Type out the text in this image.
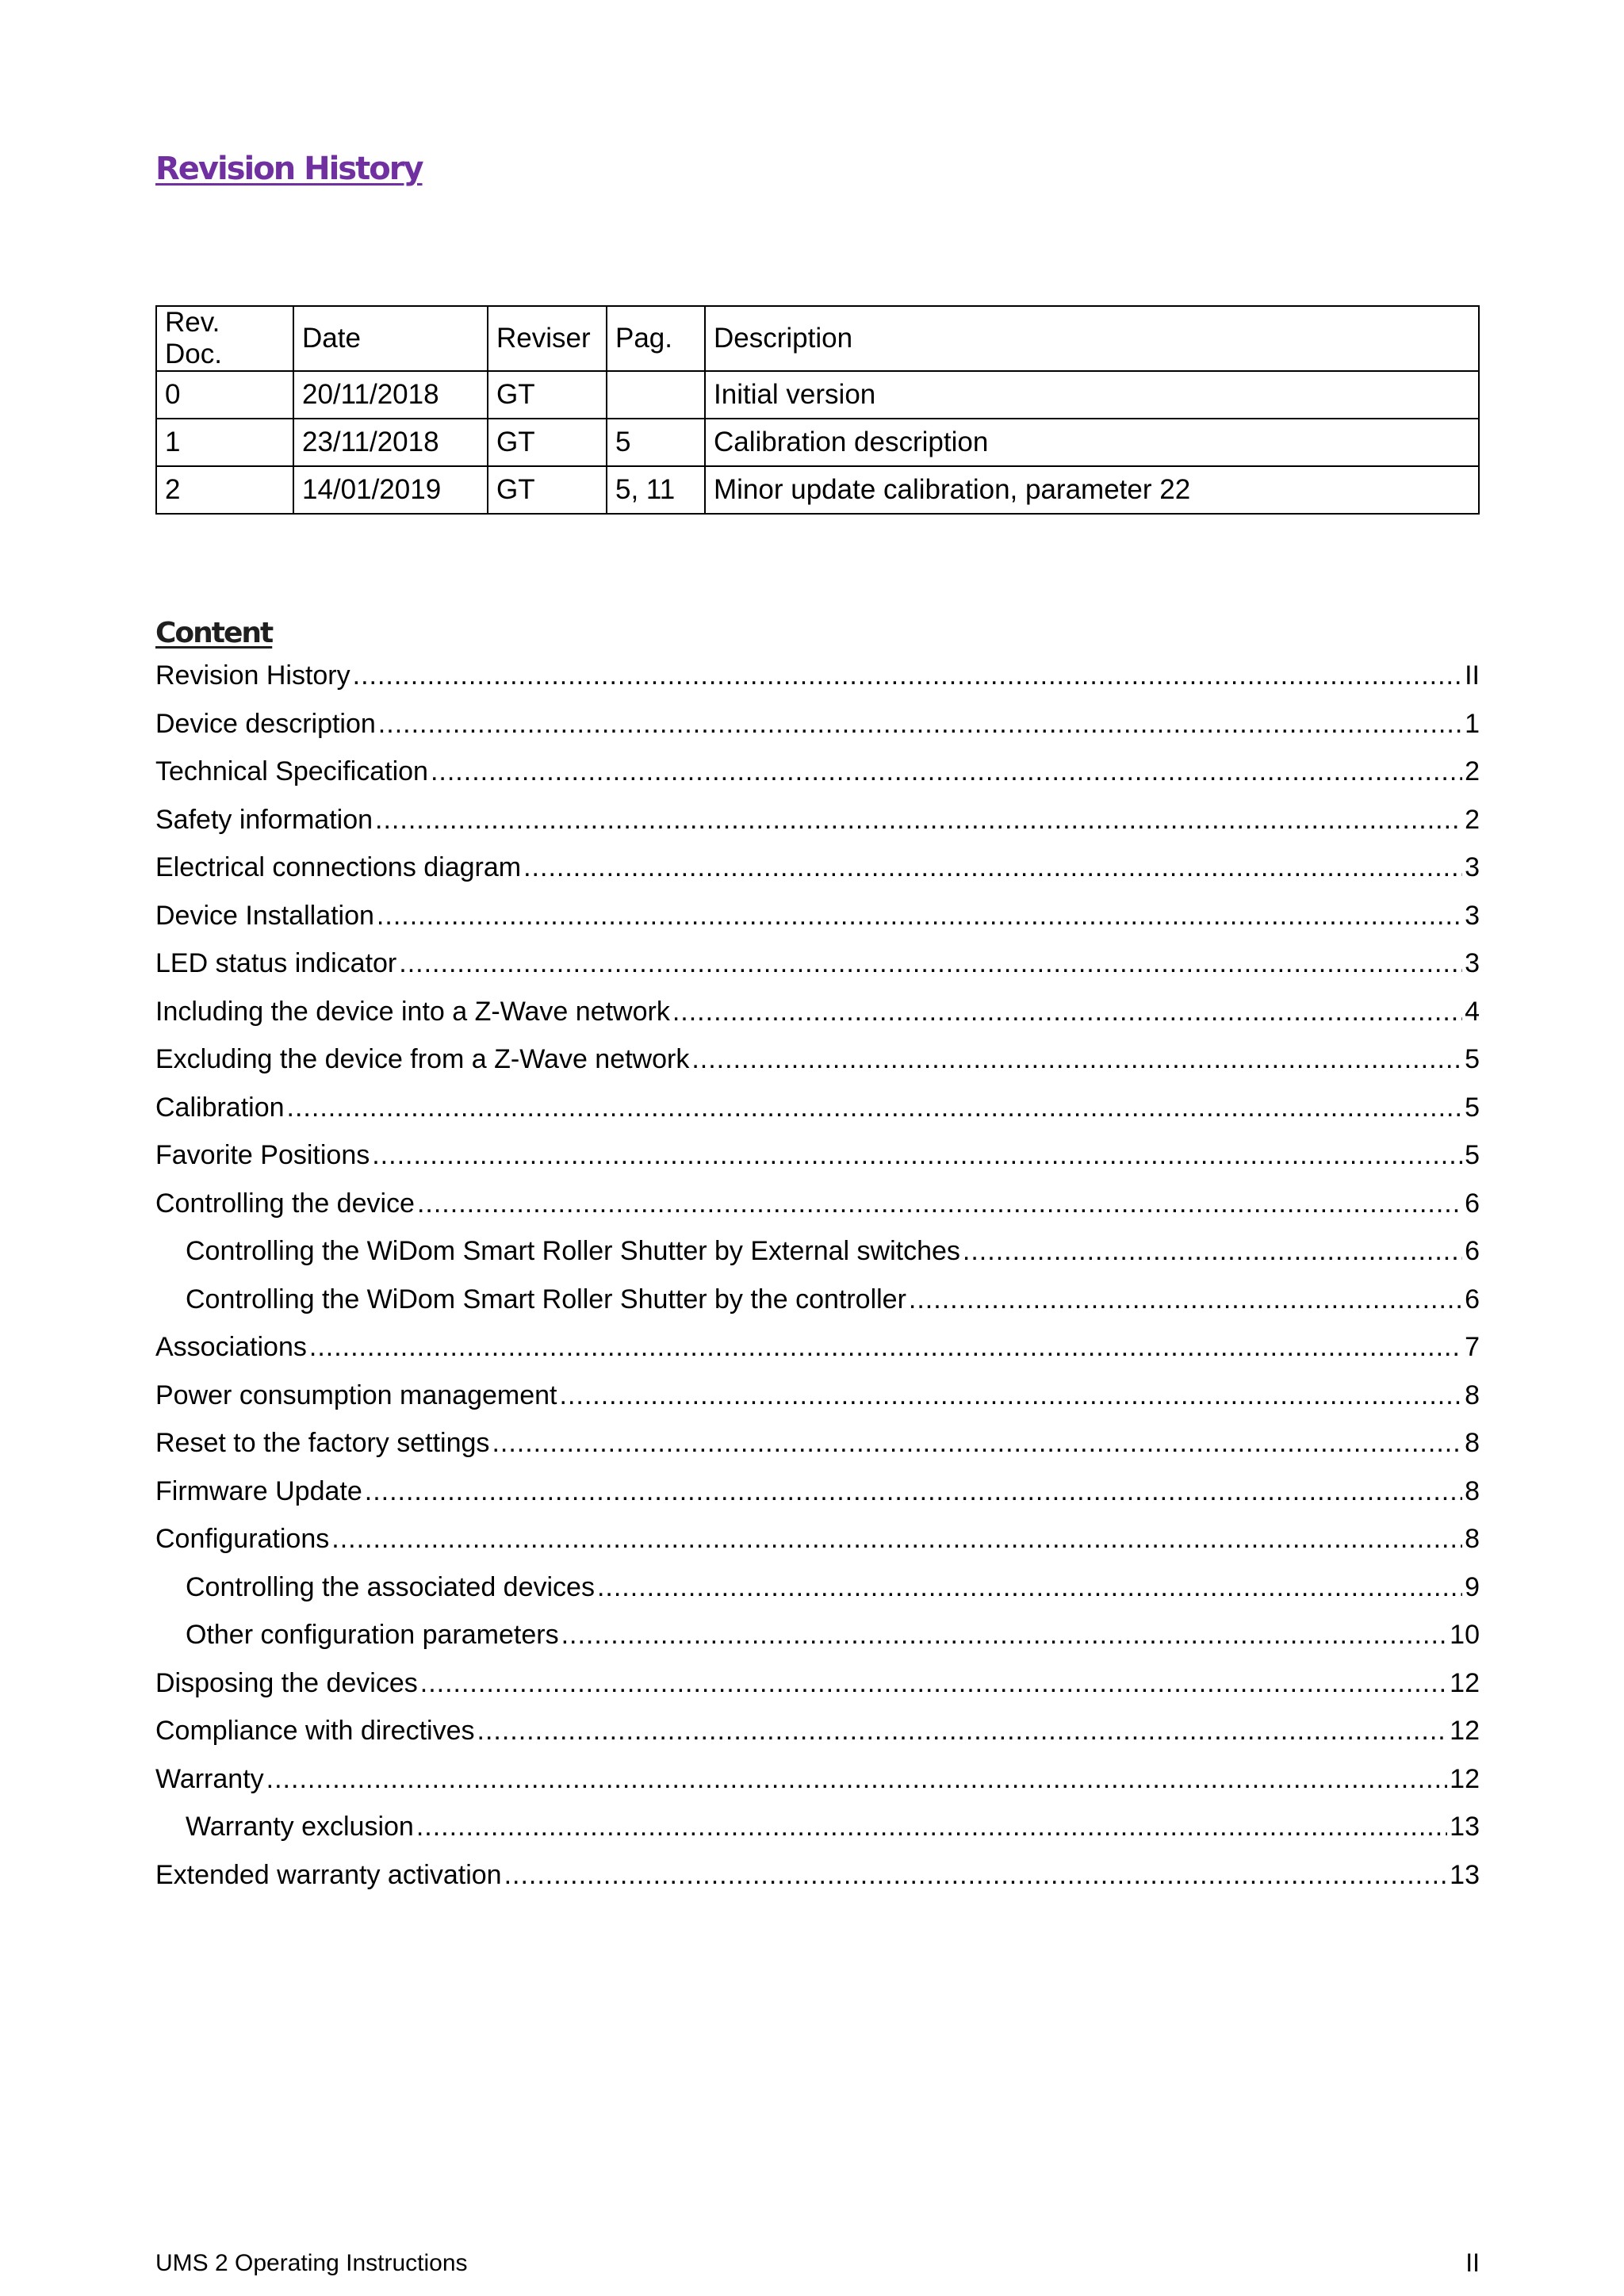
Revision History
Rev. Doc.	Date	Reviser	Pag.	Description
0	20/11/2018	GT		Initial version
1	23/11/2018	GT	5	Calibration description
2	14/01/2019	GT	5, 11	Minor update calibration, parameter 22
Content
Revision History .....	II
Device description .....	1
Technical Specification .....	2
Safety information .....	2
Electrical connections diagram .....	3
Device Installation .....	3
LED status indicator .....	3
Including the device into a Z-Wave network .....	4
Excluding the device from a Z-Wave network .....	5
Calibration .....	5
Favorite Positions .....	5
Controlling the device .....	6
Controlling the WiDom Smart Roller Shutter by External switches .....	6
Controlling the WiDom Smart Roller Shutter by the controller .....	6
Associations .....	7
Power consumption management .....	8
Reset to the factory settings .....	8
Firmware Update .....	8
Configurations .....	8
Controlling the associated devices .....	9
Other configuration parameters .....	10
Disposing the devices .....	12
Compliance with directives .....	12
Warranty .....	12
Warranty exclusion .....	13
Extended warranty activation .....	13
UMS 2 Operating Instructions	II
